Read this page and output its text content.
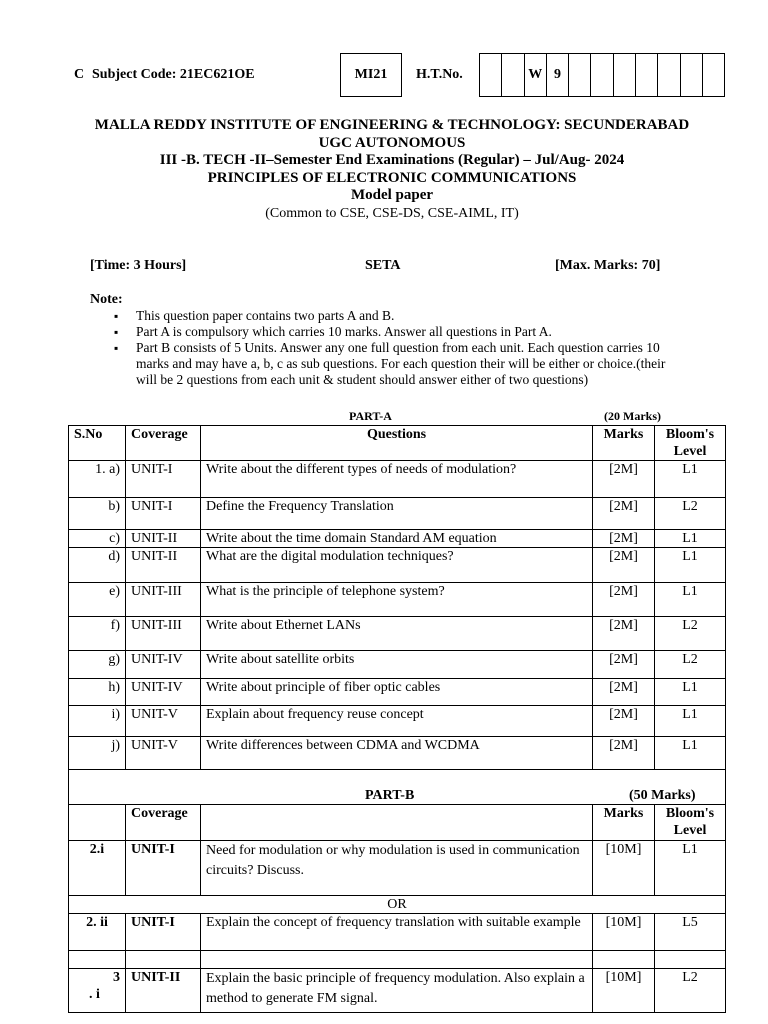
C Subject Code: 21EC621OE	MI21	H.T.No.	W 9
MALLA REDDY INSTITUTE OF ENGINEERING & TECHNOLOGY: SECUNDERABAD
UGC AUTONOMOUS
III -B. TECH -II–Semester End Examinations (Regular) – Jul/Aug- 2024
PRINCIPLES OF ELECTRONIC COMMUNICATIONS
Model paper
(Common to CSE, CSE-DS, CSE-AIML, IT)
[Time: 3 Hours]	SETA	[Max. Marks: 70]
Note:
▪ This question paper contains two parts A and B.
▪ Part A is compulsory which carries 10 marks. Answer all questions in Part A.
▪ Part B consists of 5 Units. Answer any one full question from each unit. Each question carries 10 marks and may have a, b, c as sub questions. For each question their will be either or choice.(their will be 2 questions from each unit & student should answer either of two questions)
PART-A	(20 Marks)
S.No	Coverage	Questions	Marks	Bloom's Level
1. a)	UNIT-I	Write about the different types of needs of modulation?	[2M]	L1
b)	UNIT-I	Define the Frequency Translation	[2M]	L2
c)	UNIT-II	Write about the time domain Standard AM equation	[2M]	L1
d)	UNIT-II	What are the digital modulation techniques?	[2M]	L1
e)	UNIT-III	What is the principle of telephone system?	[2M]	L1
f)	UNIT-III	Write about Ethernet LANs	[2M]	L2
g)	UNIT-IV	Write about satellite orbits	[2M]	L2
h)	UNIT-IV	Write about principle of fiber optic cables	[2M]	L1
i)	UNIT-V	Explain about frequency reuse concept	[2M]	L1
j)	UNIT-V	Write differences between CDMA and WCDMA	[2M]	L1

PART-B (50 Marks)				

	Coverage		Marks	Bloom's Level
2.i	UNIT-I	Need for modulation or why modulation is used in communication circuits? Discuss.	[10M]	L1
OR				
2. ii	UNIT-I	Explain the concept of frequency translation with suitable example	[10M]	L5

3
. i	UNIT-II	Explain the basic principle of frequency modulation. Also explain a method to generate FM signal.	[10M]	L2
